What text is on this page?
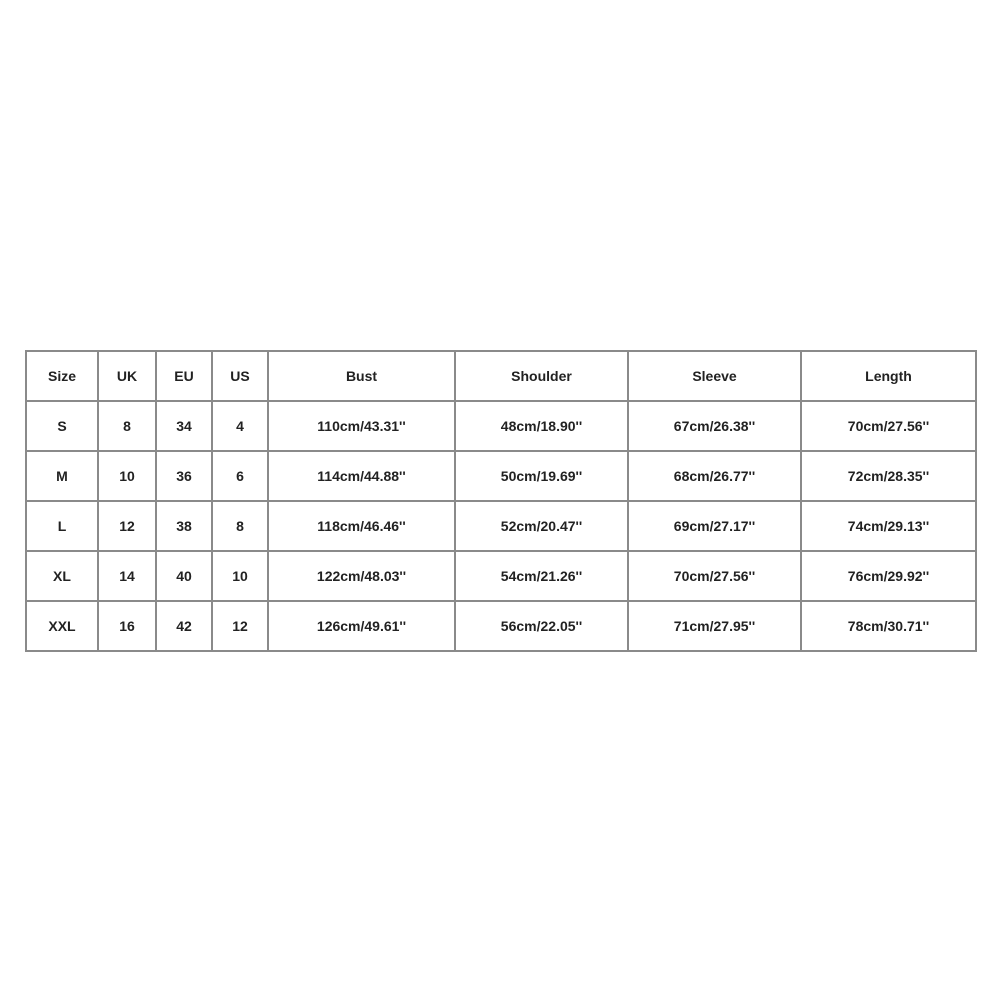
Size	UK	EU	US	Bust	Shoulder	Sleeve	Length
S	8	34	4	110cm/43.31''	48cm/18.90''	67cm/26.38''	70cm/27.56''
M	10	36	6	114cm/44.88''	50cm/19.69''	68cm/26.77''	72cm/28.35''
L	12	38	8	118cm/46.46''	52cm/20.47''	69cm/27.17''	74cm/29.13''
XL	14	40	10	122cm/48.03''	54cm/21.26''	70cm/27.56''	76cm/29.92''
XXL	16	42	12	126cm/49.61''	56cm/22.05''	71cm/27.95''	78cm/30.71''
